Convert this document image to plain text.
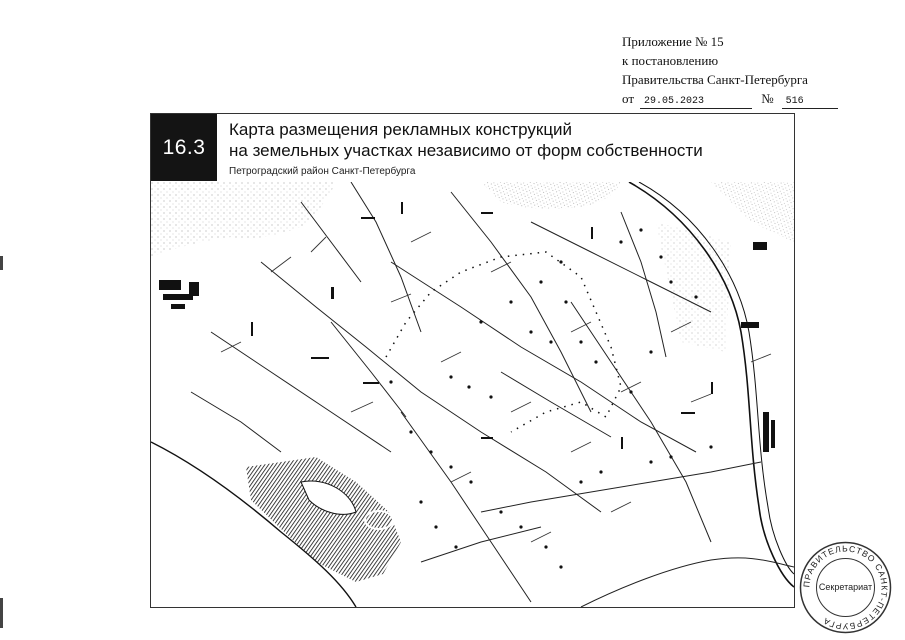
Приложение № 15
к постановлению
Правительства Санкт-Петербурга
от 29.05.2023	№ 516
16.3
Карта размещения рекламных конструкций
на земельных участках независимо от форм собственности
Петроградский район Санкт-Петербурга
ПРАВИТЕЛЬСТВО САНКТ-ПЕТЕРБУРГА
Секретариат
